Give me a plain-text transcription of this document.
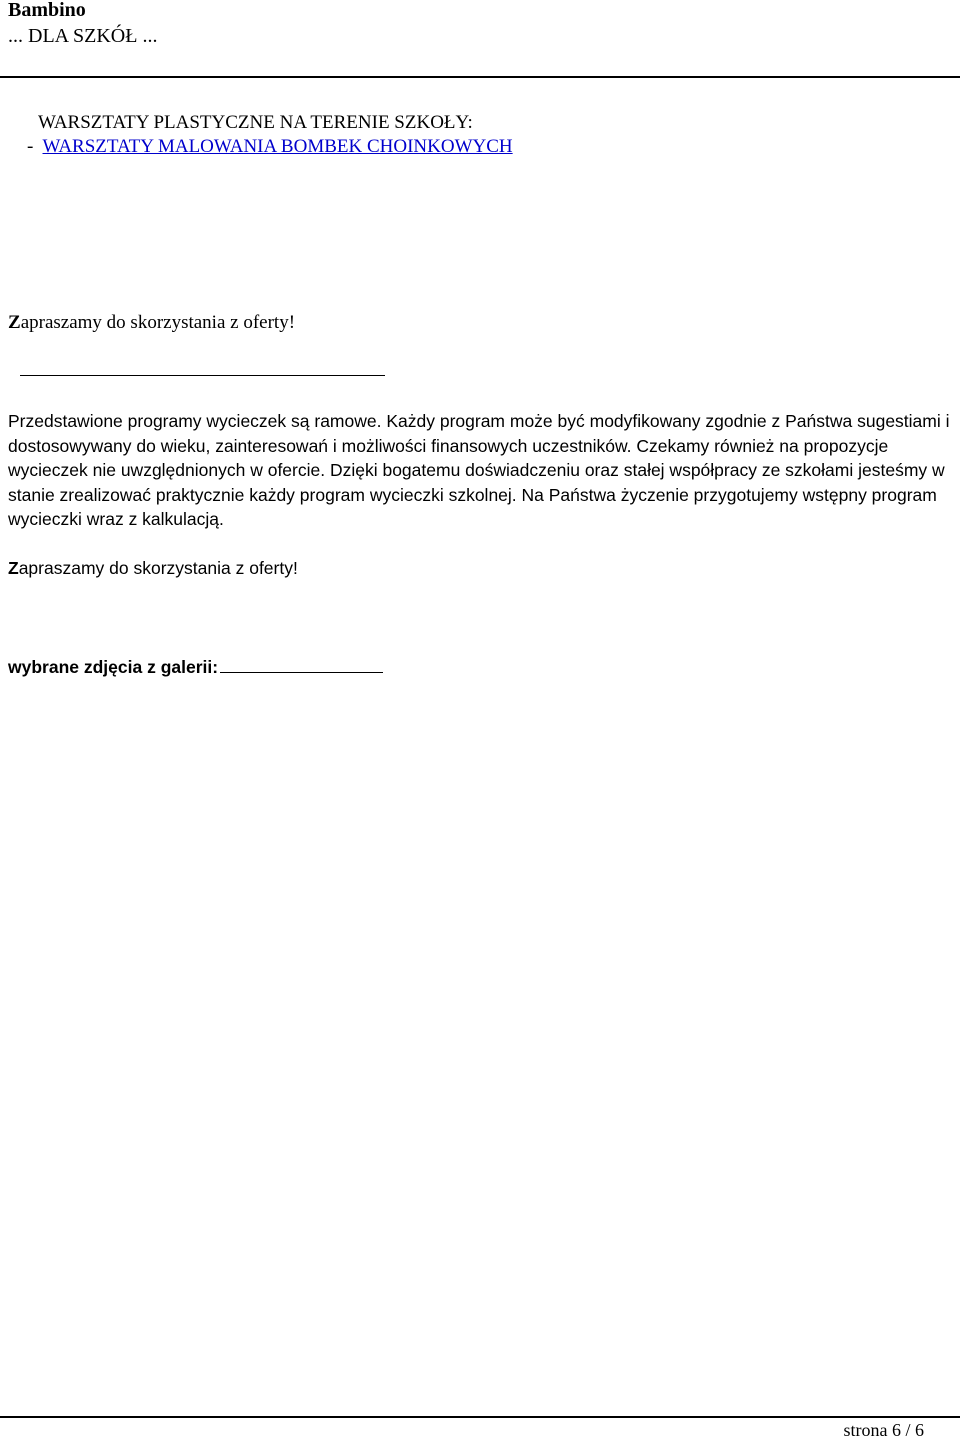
Bambino
... DLA SZKÓŁ ...
WARSZTATY PLASTYCZNE NA TERENIE SZKOŁY:
- WARSZTATY MALOWANIA BOMBEK CHOINKOWYCH
Zapraszamy do skorzystania z oferty!
Przedstawione programy wycieczek są ramowe. Każdy program może być modyfikowany zgodnie z Państwa sugestiami i dostosowywany do wieku, zainteresowań i możliwości finansowych uczestników. Czekamy również na propozycje wycieczek nie uwzględnionych w ofercie. Dzięki bogatemu doświadczeniu oraz stałej współpracy ze szkołami jesteśmy w stanie zrealizować praktycznie każdy program wycieczki szkolnej. Na Państwa życzenie przygotujemy wstępny program wycieczki wraz z kalkulacją.
Zapraszamy do skorzystania z oferty!
wybrane zdjęcia z galerii:
strona 6 / 6
